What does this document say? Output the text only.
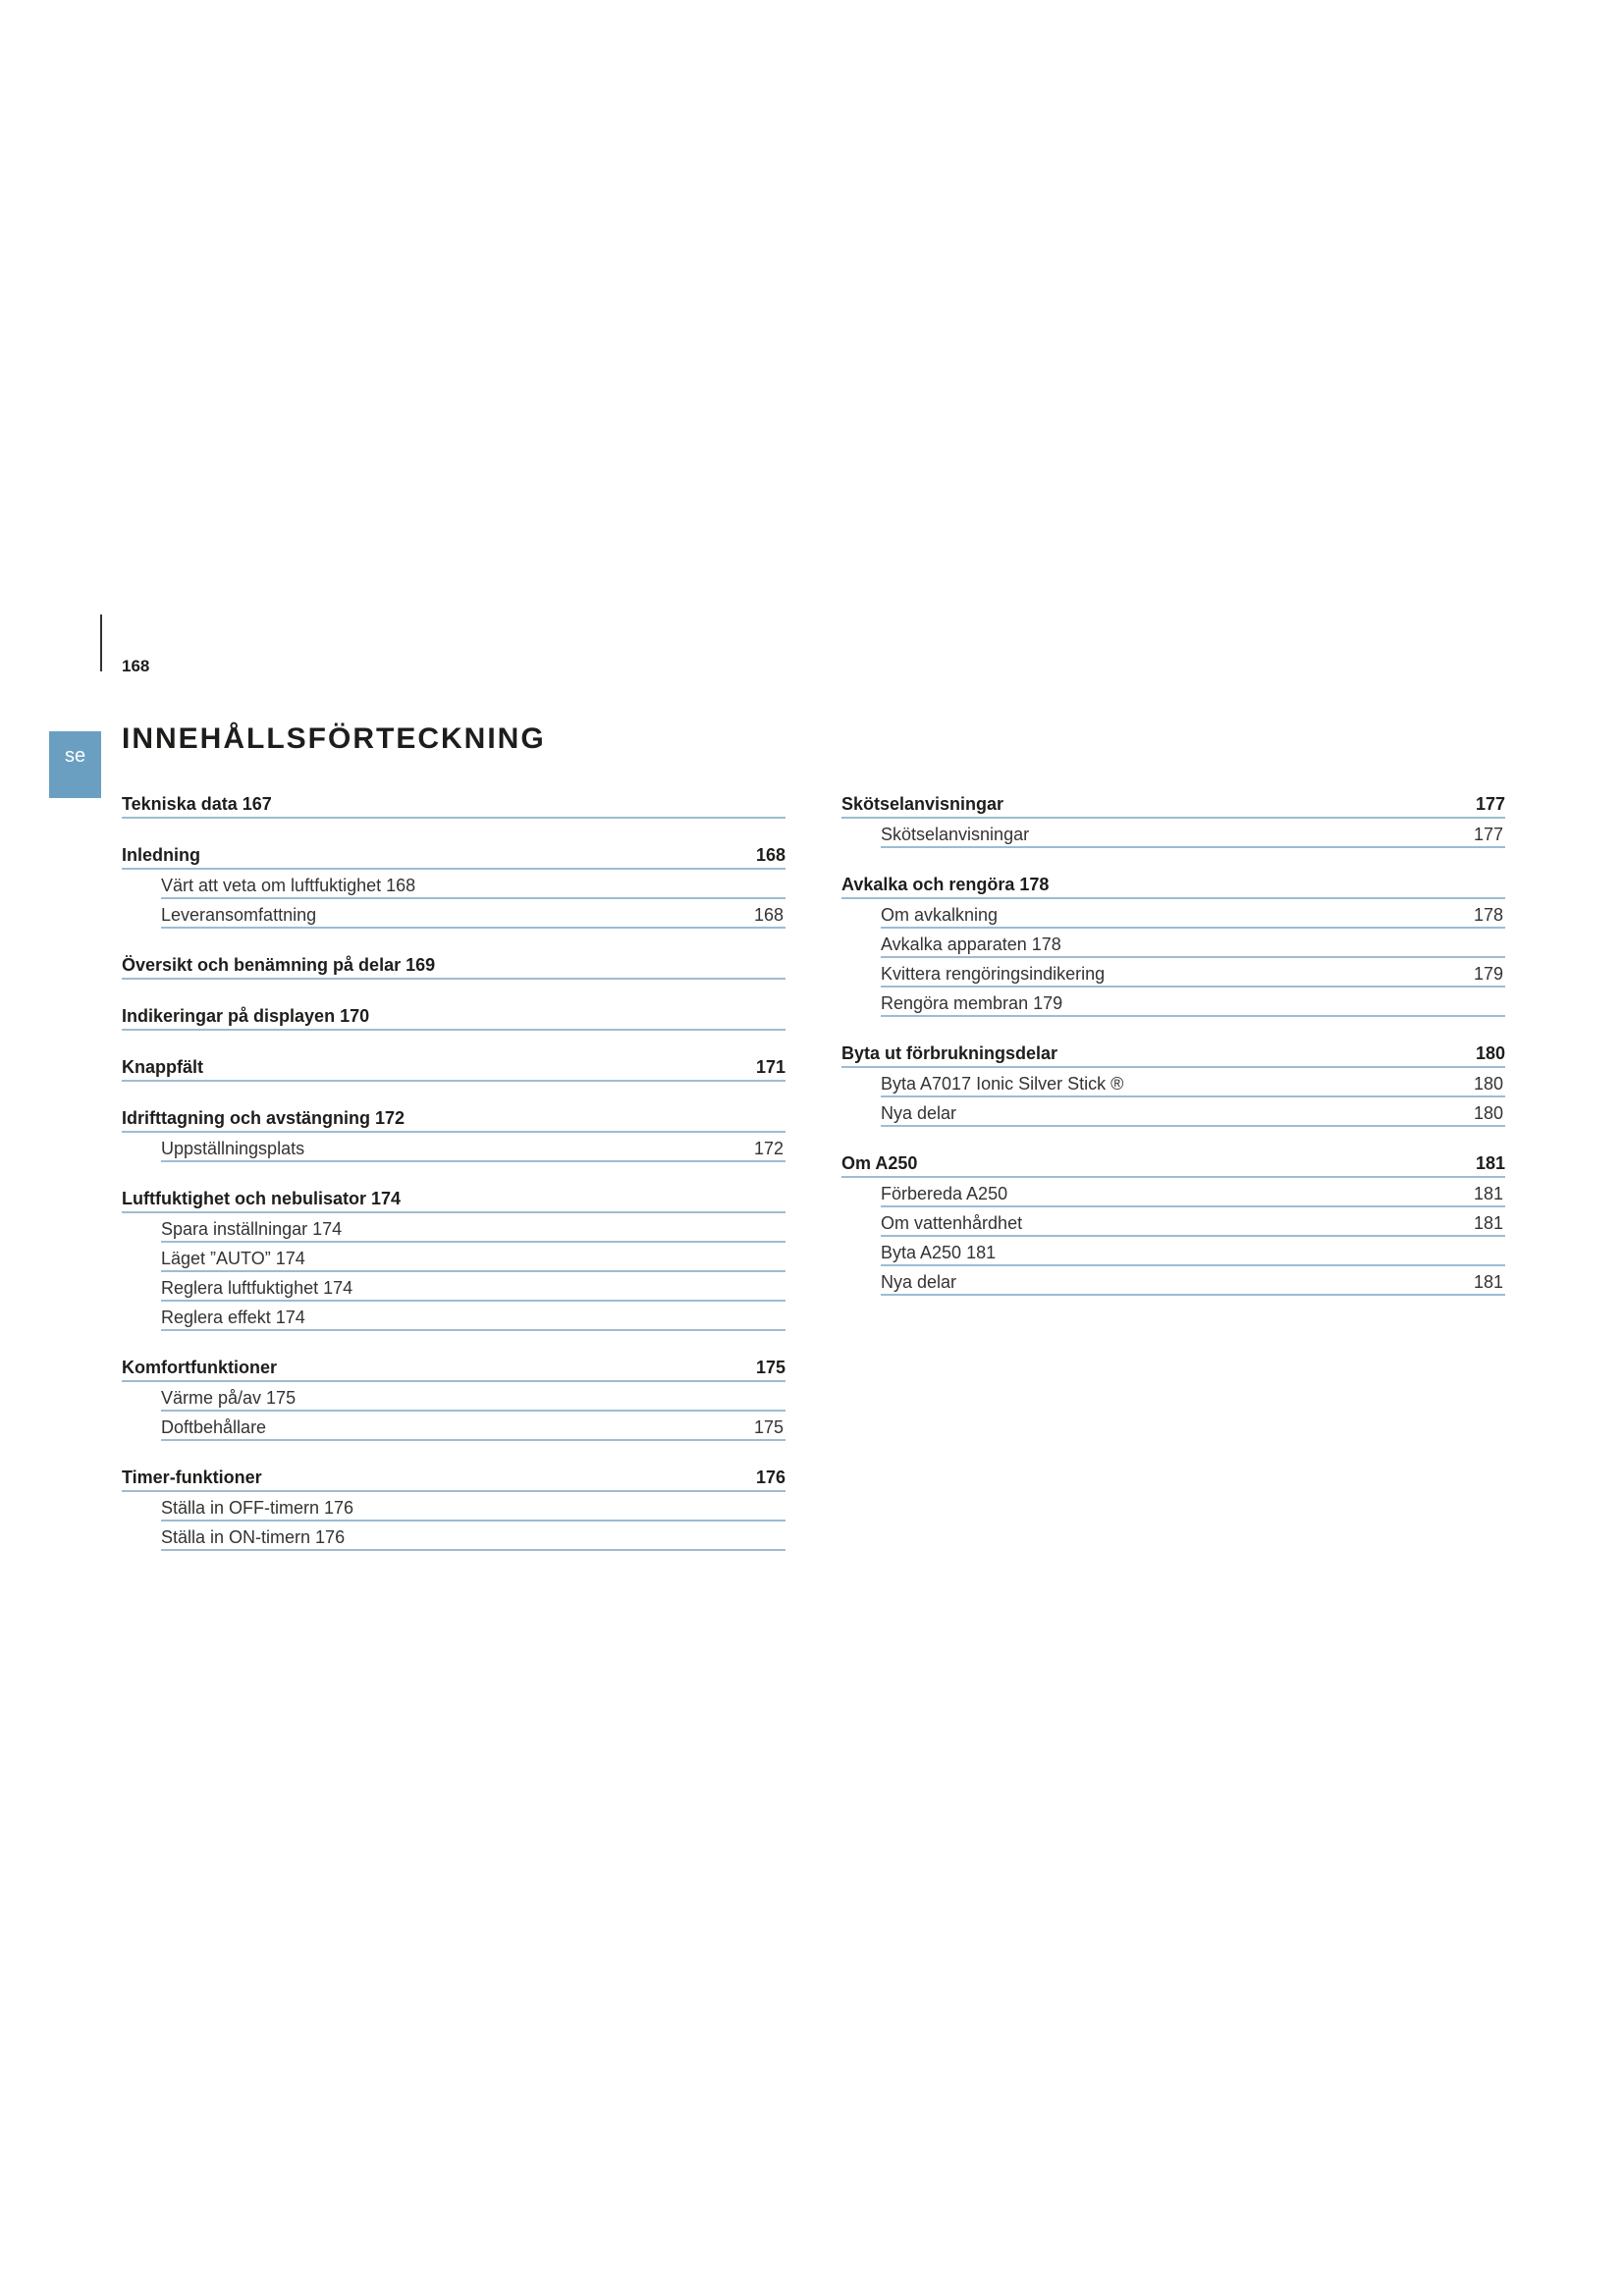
168
se
INNEHÅLLSFÖRTECKNING
Tekniska data 167
Inledning	168
Värt att veta om luftfuktighet 168
Leveransomfattning	168
Översikt och benämning på delar 169
Indikeringar på displayen 170
Knappfält	171
Idrifttagning och avstängning 172
Uppställningsplats	172
Luftfuktighet och nebulisator 174
Spara inställningar 174
Läget ”AUTO” 174
Reglera luftfuktighet 174
Reglera effekt 174
Komfortfunktioner	175
Värme på/av 175
Doftbehållare	175
Timer-funktioner	176
Ställa in OFF-timern 176
Ställa in ON-timern 176
Skötselanvisningar	177
Skötselanvisningar	177
Avkalka och rengöra 178
Om avkalkning	178
Avkalka apparaten 178
Kvittera rengöringsindikering	179
Rengöra membran 179
Byta ut förbrukningsdelar	180
Byta A7017 Ionic Silver Stick ®	180
Nya delar	180
Om A250	181
Förbereda A250	181
Om vattenhårdhet	181
Byta A250 181
Nya delar	181
